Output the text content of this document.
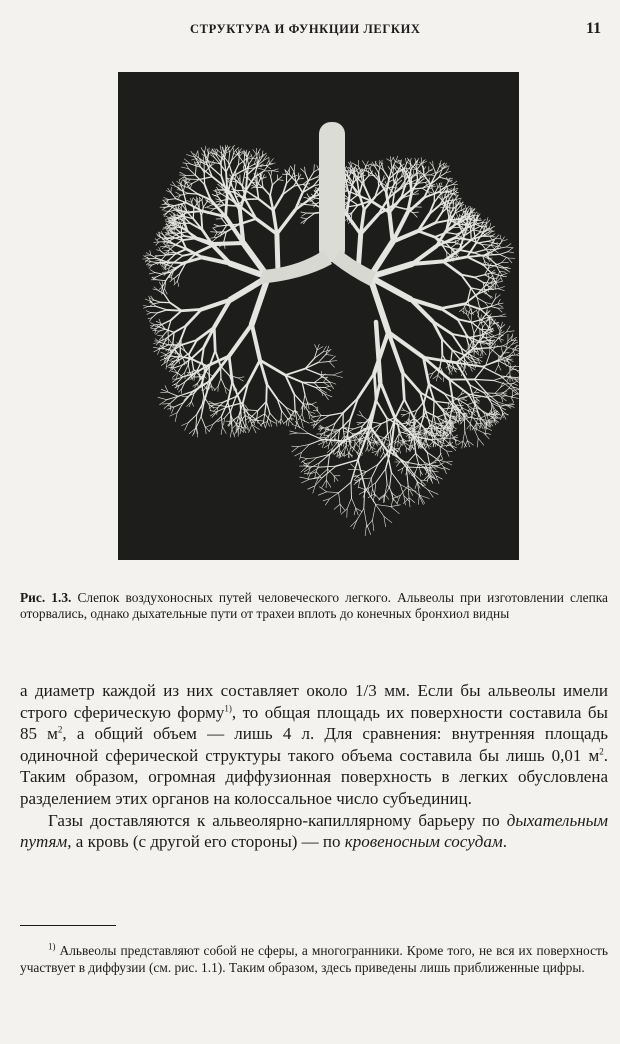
СТРУКТУРА И ФУНКЦИИ ЛЕГКИХ	11

Рис. 1.3. Слепок воздухоносных путей человеческого легкого. Альвеолы при изготовлении слепка оторвались, однако дыхательные пути от трахеи вплоть до конечных бронхиол видны

а диаметр каждой из них составляет около 1/3 мм. Если бы альвеолы имели строго сферическую форму$^{1)}$, то общая площадь их поверхности составила бы 85 $м^2$, а общий объем — лишь 4 л. Для сравнения: внутренняя площадь одиночной сферической структуры такого объема составила бы лишь 0,01 $м^2$. Таким образом, огромная диффузионная поверхность в легких обусловлена разделением этих органов на колоссальное число субъединиц.

Газы доставляются к альвеолярно-капиллярному барьеру по дыхательным путям, а кровь (с другой его стороны) — по кровеносным сосудам.

$^{1)}$ Альвеолы представляют собой не сферы, а многогранники. Кроме того, не вся их поверхность участвует в диффузии (см. рис. 1.1). Таким образом, здесь приведены лишь приближенные цифры.
